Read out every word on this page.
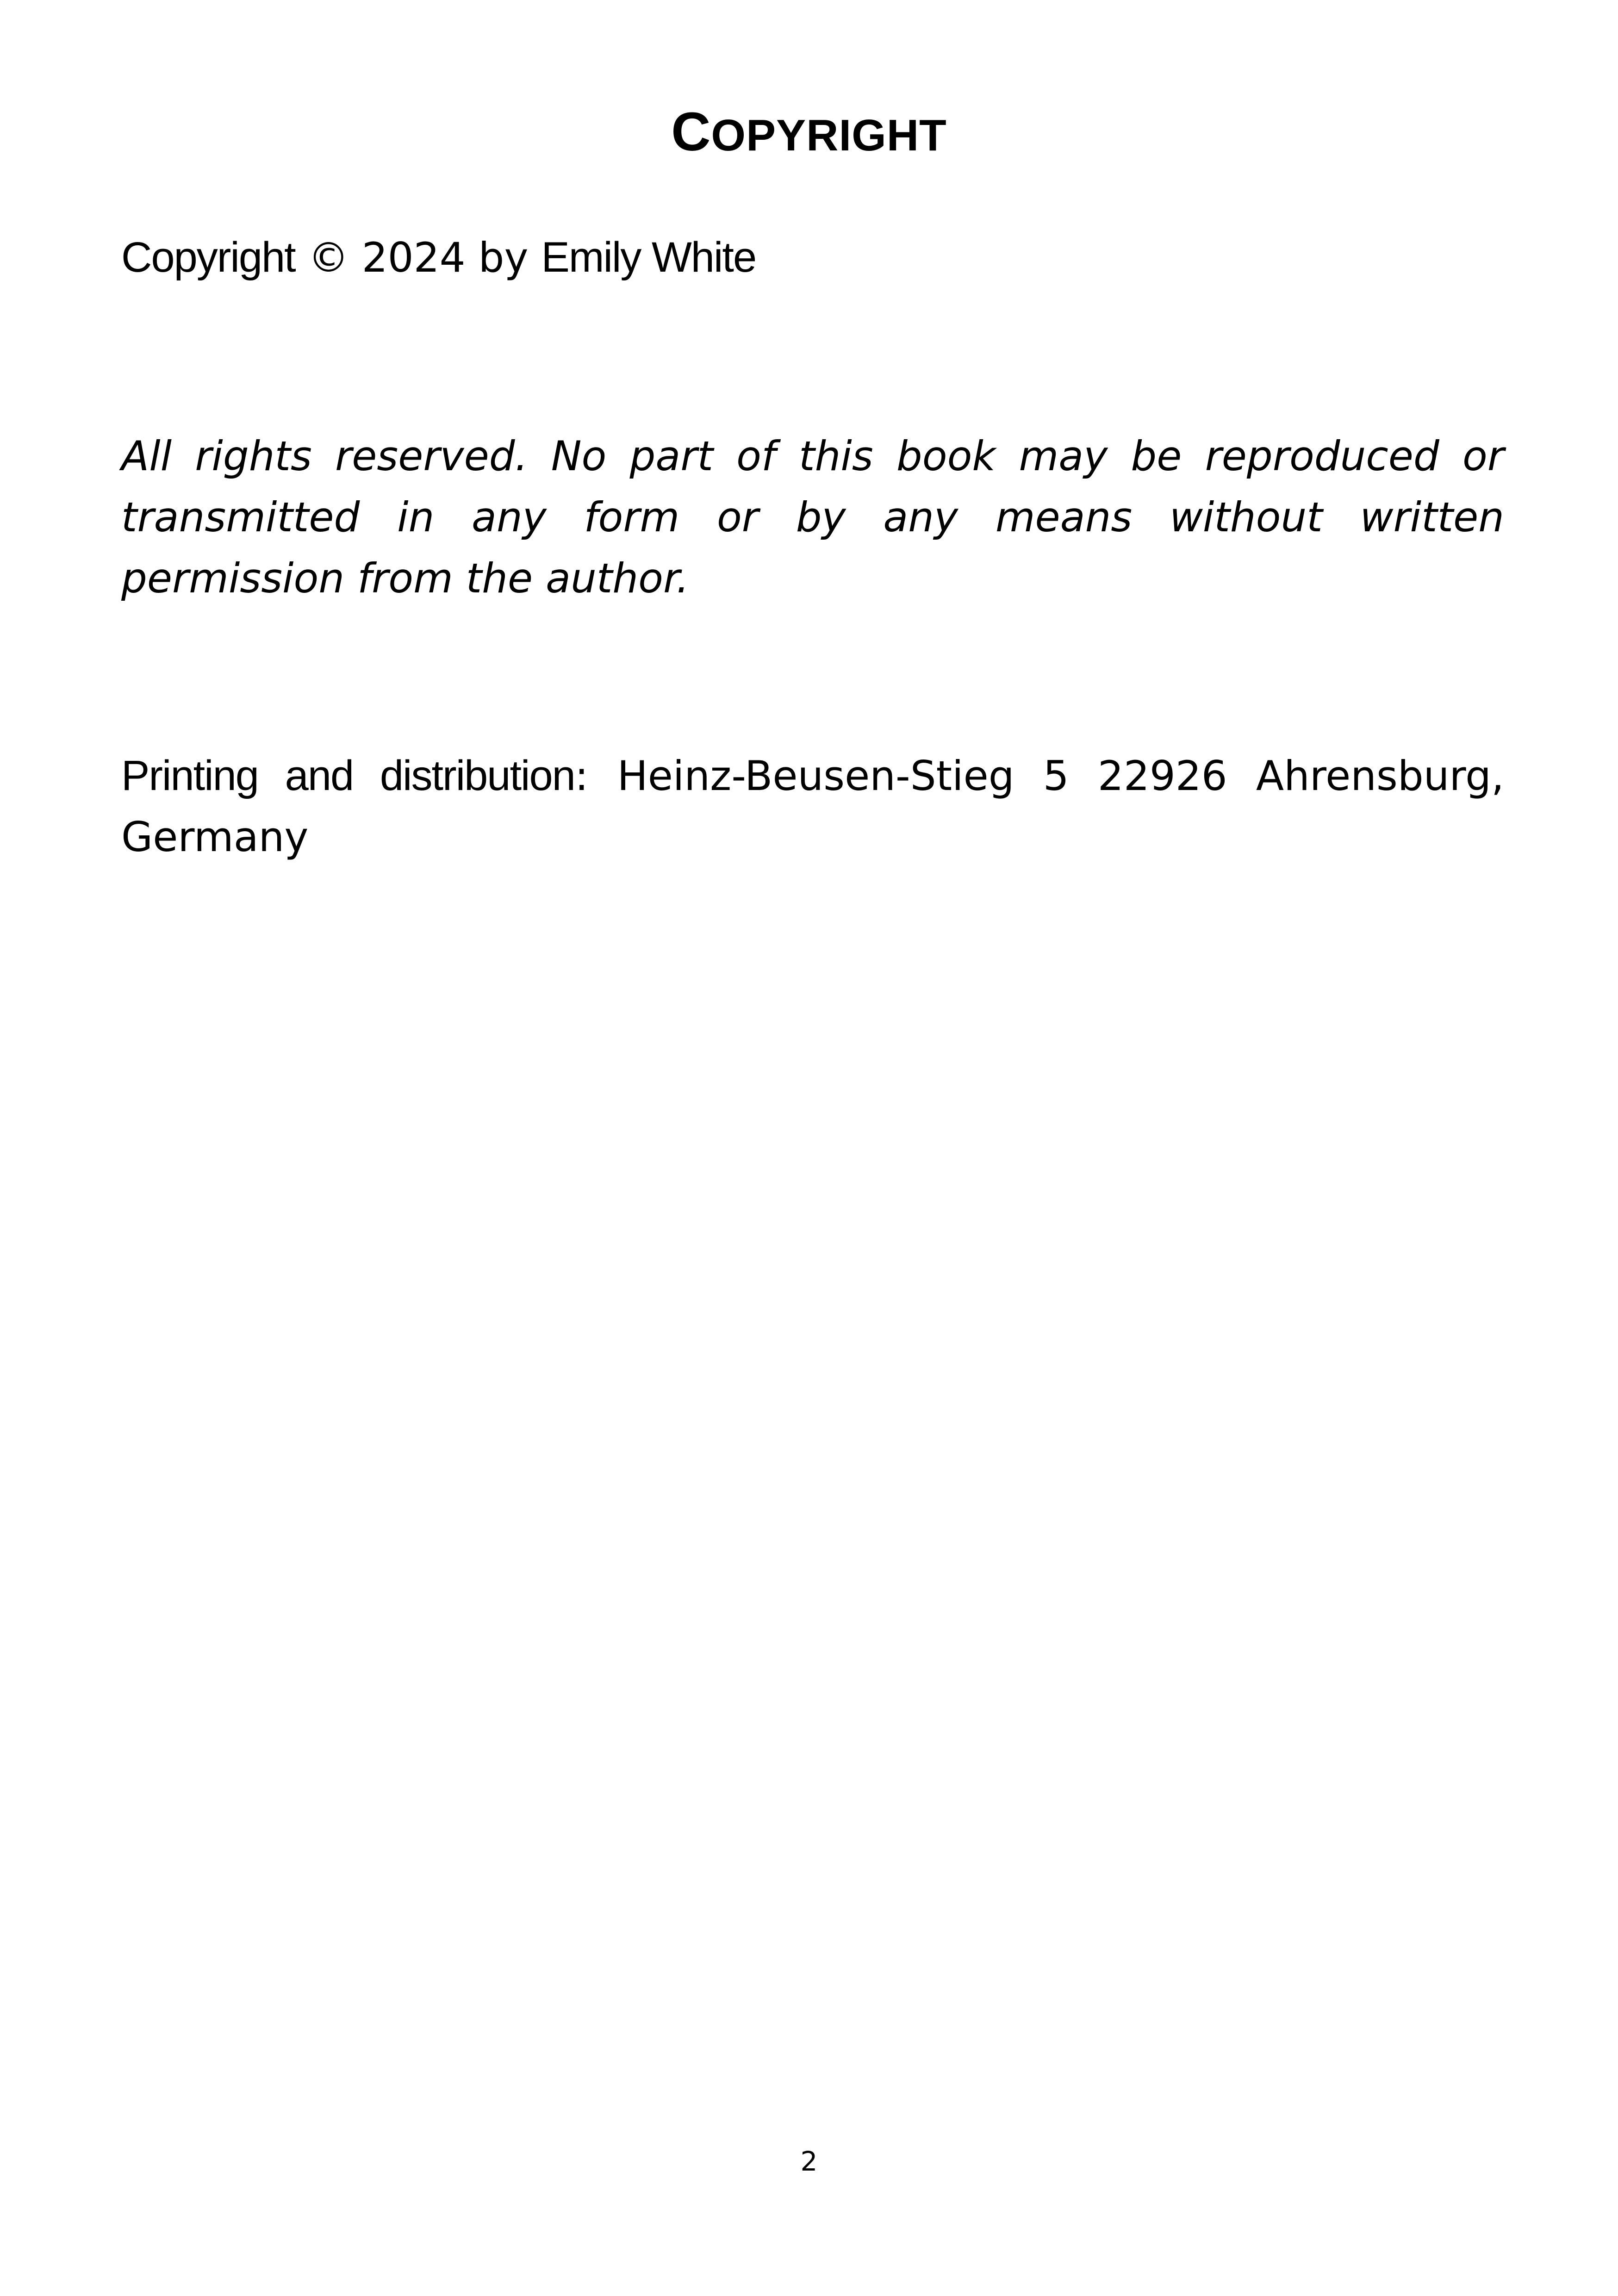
COPYRIGHT
Copyright © 2024 by Emily White
All rights reserved. No part of this book may be reproduced or transmitted in any form or by any means without written permission from the author.
Printing and distribution: Heinz-Beusen-Stieg 5 22926 Ahrensburg, Germany
2
